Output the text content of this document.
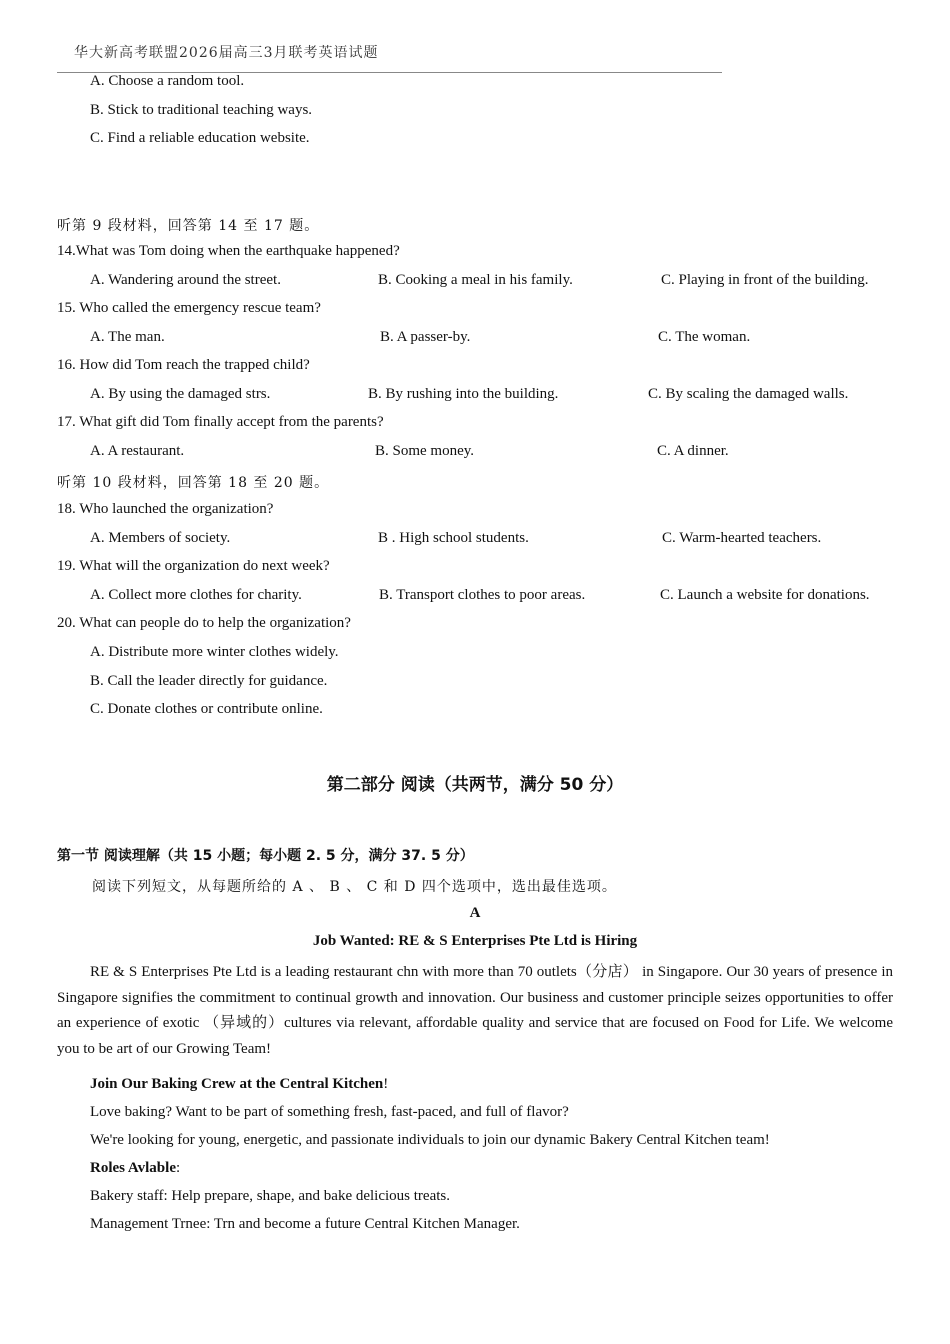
华大新高考联盟2026届高三3月联考英语试题
A. Choose a random tool.
B. Stick to traditional teaching ways.
C. Find a reliable education website.
听第 9 段材料，回答第 14 至 17 题。
14.What was Tom doing when the earthquake happened?
A. Wandering around the street.	B. Cooking a meal in his family.	C. Playing in front of the building.
15. Who called the emergency rescue team?
A. The man.	B. A passer-by.	C. The woman.
16. How did Tom reach the trapped child?
A. By using the damaged strs.	B. By rushing into the building.	C. By scaling the damaged walls.
17. What gift did Tom finally accept from the parents?
A. A restaurant.	B. Some money.	C. A dinner.
听第 10 段材料，回答第 18 至 20 题。
18. Who launched the organization?
A. Members of society.	B . High school students.	C. Warm-hearted teachers.
19. What will the organization do next week?
A. Collect more clothes for charity.	B. Transport clothes to poor areas.	C. Launch a website for donations.
20. What can people do to help the organization?
A. Distribute more winter clothes widely.
B. Call the leader directly for guidance.
C. Donate clothes or contribute online.
第二部分 阅读（共两节，满分 50 分）
第一节 阅读理解（共 15 小题；每小题 2. 5 分，满分 37. 5 分）
阅读下列短文，从每题所给的 A 、 B 、 C 和 D 四个选项中，选出最佳选项。
A
Job Wanted: RE & S Enterprises Pte Ltd is Hiring
RE & S Enterprises Pte Ltd is a leading restaurant chn with more than 70 outlets（分店） in Singapore. Our 30 years of presence in Singapore signifies the commitment to continual growth and innovation. Our business and customer principle seizes opportunities to offer an experience of exotic （异域的）cultures via relevant, affordable quality and service that are focused on Food for Life. We welcome you to be art of our Growing Team!
Join Our Baking Crew at the Central Kitchen!
Love baking? Want to be part of something fresh, fast-paced, and full of flavor?
We're looking for young, energetic, and passionate individuals to join our dynamic Bakery Central Kitchen team!
Roles Avlable:
Bakery staff: Help prepare, shape, and bake delicious treats.
Management Trnee: Trn and become a future Central Kitchen Manager.
